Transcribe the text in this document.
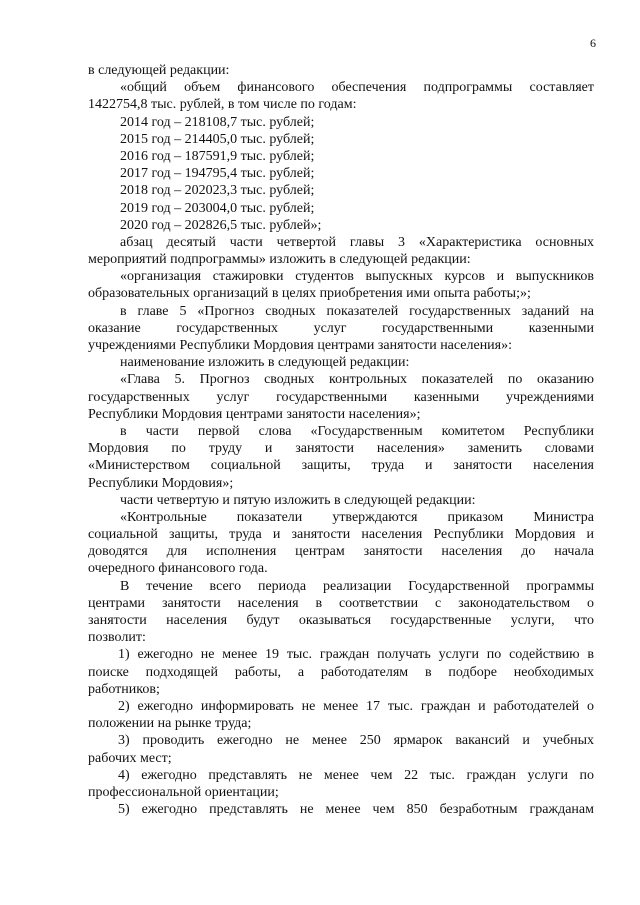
6
в следующей редакции:
«общий объем финансового обеспечения подпрограммы составляет
1422754,8 тыс. рублей, в том числе по годам:
2014 год – 218108,7 тыс. рублей;
2015 год – 214405,0 тыс. рублей;
2016 год – 187591,9 тыс. рублей;
2017 год – 194795,4 тыс. рублей;
2018 год – 202023,3 тыс. рублей;
2019 год – 203004,0 тыс. рублей;
2020 год – 202826,5 тыс. рублей»;
абзац десятый части четвертой главы 3 «Характеристика основных
мероприятий подпрограммы» изложить в следующей редакции:
«организация стажировки студентов выпускных курсов и выпускников
образовательных организаций в целях приобретения ими опыта работы;»;
в главе 5 «Прогноз сводных показателей государственных заданий на
оказание государственных услуг государственными казенными
учреждениями Республики Мордовия центрами занятости населения»:
наименование изложить в следующей редакции:
«Глава 5. Прогноз сводных контрольных показателей по оказанию
государственных услуг государственными казенными учреждениями
Республики Мордовия центрами занятости населения»;
в части первой слова «Государственным комитетом Республики
Мордовия по труду и занятости населения» заменить словами
«Министерством социальной защиты, труда и занятости населения
Республики Мордовия»;
части четвертую и пятую изложить в следующей редакции:
«Контрольные показатели утверждаются приказом Министра
социальной защиты, труда и занятости населения Республики Мордовия и
доводятся для исполнения центрам занятости населения до начала
очередного финансового года.
В течение всего периода реализации Государственной программы
центрами занятости населения в соответствии с законодательством о
занятости населения будут оказываться государственные услуги, что
позволит:
1) ежегодно не менее 19 тыс. граждан получать услуги по содействию в
поиске подходящей работы, а работодателям в подборе необходимых
работников;
2) ежегодно информировать не менее 17 тыс. граждан и работодателей о
положении на рынке труда;
3) проводить ежегодно не менее 250 ярмарок вакансий и учебных
рабочих мест;
4) ежегодно представлять не менее чем 22 тыс. граждан услуги по
профессиональной ориентации;
5) ежегодно представлять не менее чем 850 безработным гражданам
